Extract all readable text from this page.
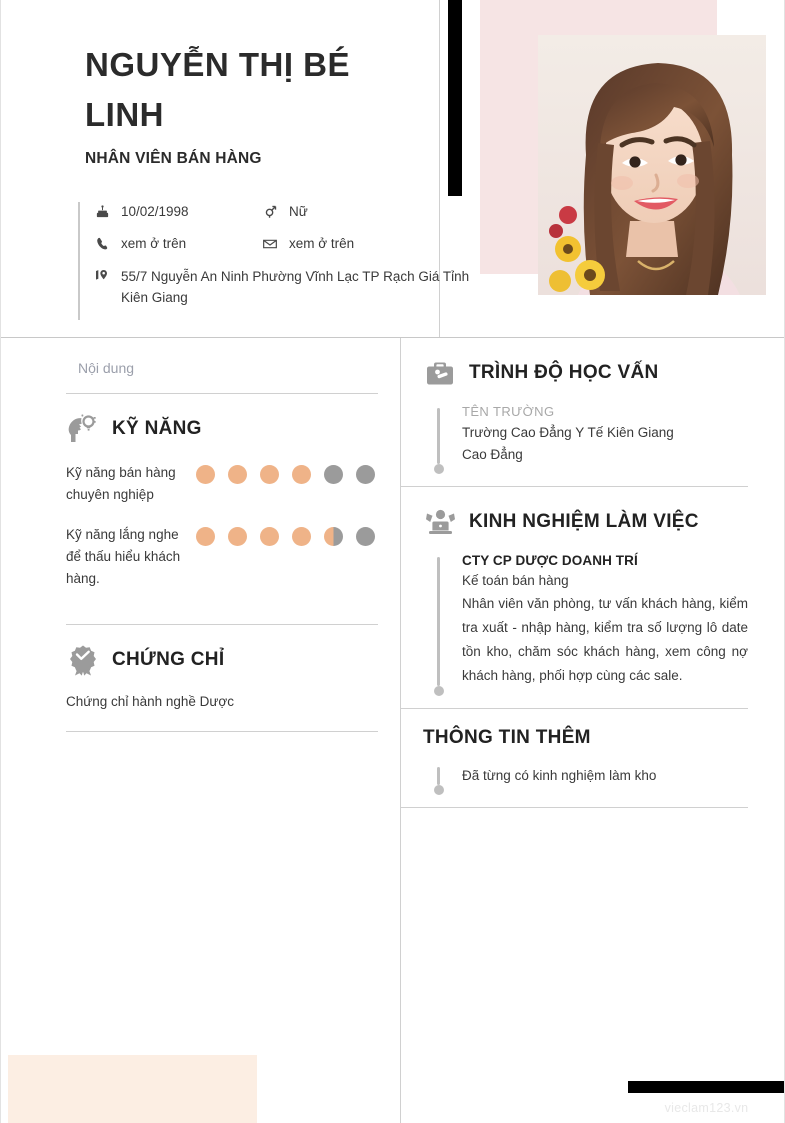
NGUYỄN THỊ BÉ LINH
NHÂN VIÊN BÁN HÀNG
10/02/1998	Nữ
xem ở trên	xem ở trên
55/7 Nguyễn An Ninh Phường Vĩnh Lạc TP Rạch Giá Tỉnh Kiên Giang
Nội dung
KỸ NĂNG
Kỹ năng bán hàng chuyên nghiệp
Kỹ năng lắng nghe để thấu hiểu khách hàng.
CHỨNG CHỈ
Chứng chỉ hành nghề Dược
TRÌNH ĐỘ HỌC VẤN
TÊN TRƯỜNG
Trường Cao Đẳng Y Tế Kiên Giang
Cao Đẳng
KINH NGHIỆM LÀM VIỆC
CTY CP DƯỢC DOANH TRÍ
Kế toán bán hàng
Nhân viên văn phòng, tư vấn khách hàng, kiểm tra xuất - nhập hàng, kiểm tra số lượng lô date tồn kho, chăm sóc khách hàng, xem công nợ khách hàng, phối hợp cùng các sale.
THÔNG TIN THÊM
Đã từng có kinh nghiệm làm kho
vieclam123.vn
